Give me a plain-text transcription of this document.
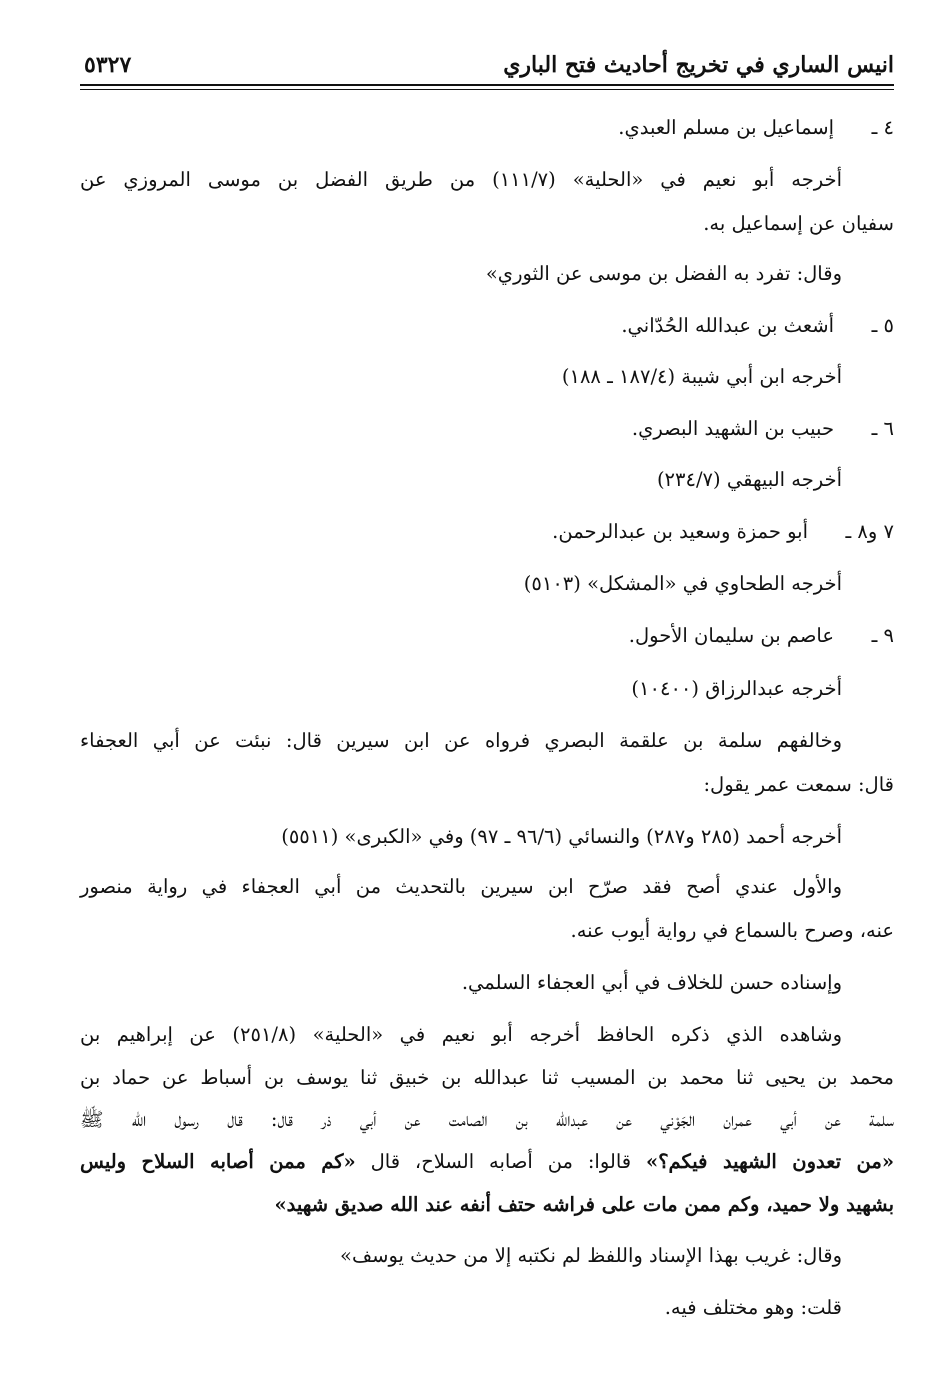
انيس الساري في تخريج أحاديث فتح الباري
٥٣٢٧
٤ ـإسماعيل بن مسلم العبدي.
أخرجه أبو نعيم في «الحلية» (١١١/٧) من طريق الفضل بن موسى المروزي عن
سفيان عن إسماعيل به.
وقال: تفرد به الفضل بن موسى عن الثوري»
٥ ـأشعث بن عبدالله الحُدّاني.
أخرجه ابن أبي شيبة (١٨٧/٤ ـ ١٨٨)
٦ ـحبيب بن الشهيد البصري.
أخرجه البيهقي (٢٣٤/٧)
٧ و٨ ـأبو حمزة وسعيد بن عبدالرحمن.
أخرجه الطحاوي في «المشكل» (٥١٠٣)
٩ ـعاصم بن سليمان الأحول.
أخرجه عبدالرزاق (١٠٤٠٠)
وخالفهم سلمة بن علقمة البصري فرواه عن ابن سيرين قال: نبئت عن أبي العجفاء
قال: سمعت عمر يقول:
أخرجه أحمد (٢٨٥ و٢٨٧) والنسائي (٩٦/٦ ـ ٩٧) وفي «الكبرى» (٥٥١١)
والأول عندي أصح فقد صرّح ابن سيرين بالتحديث من أبي العجفاء في رواية منصور
عنه، وصرح بالسماع في رواية أيوب عنه.
وإسناده حسن للخلاف في أبي العجفاء السلمي.
وشاهده الذي ذكره الحافظ أخرجه أبو نعيم في «الحلية» (٢٥١/٨) عن إبراهيم بن
محمد بن يحيى ثنا محمد بن المسيب ثنا عبدالله بن خبيق ثنا يوسف بن أسباط عن حماد بن
سلمة عن أبي عمران الجَوْني عن عبدالله بن الصامت عن أبي ذر قال: قال رسول الله ﷺ
«من تعدون الشهيد فيكم؟» قالوا: من أصابه السلاح، قال «كم ممن أصابه السلاح وليس
بشهيد ولا حميد، وكم ممن مات على فراشه حتف أنفه عند الله صديق شهيد»
وقال: غريب بهذا الإسناد واللفظ لم نكتبه إلا من حديث يوسف»
قلت: وهو مختلف فيه.
